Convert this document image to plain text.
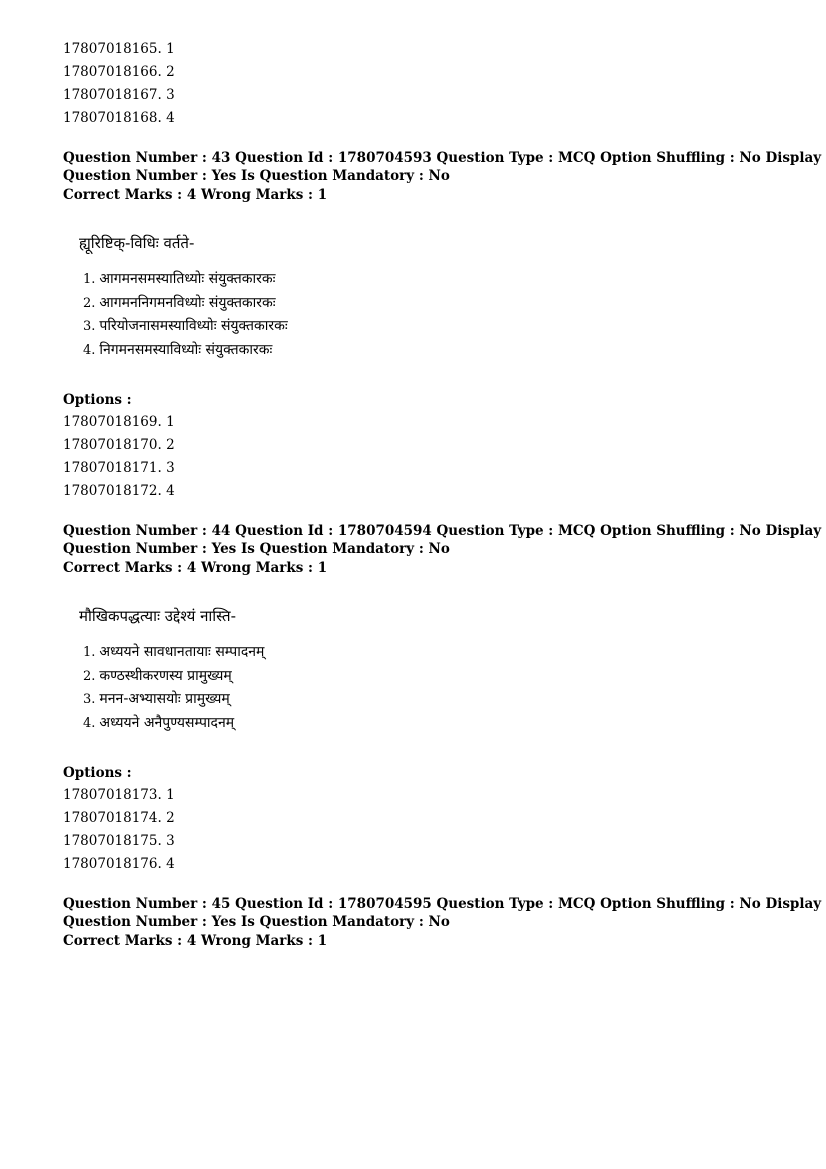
17807018165. 1
17807018166. 2
17807018167. 3
17807018168. 4
Question Number : 43 Question Id : 1780704593 Question Type : MCQ Option Shuffling : No Display
Question Number : Yes Is Question Mandatory : No
Correct Marks : 4 Wrong Marks : 1
ह्यूरिष्टिक्-विधिः वर्तते-
1. आगमनसमस्यातिध्योः संयुक्तकारकः
2. आगमननिगमनविध्योः संयुक्तकारकः
3. परियोजनासमस्याविध्योः संयुक्तकारकः
4. निगमनसमस्याविध्योः संयुक्तकारकः
Options :
17807018169. 1
17807018170. 2
17807018171. 3
17807018172. 4
Question Number : 44 Question Id : 1780704594 Question Type : MCQ Option Shuffling : No Display
Question Number : Yes Is Question Mandatory : No
Correct Marks : 4 Wrong Marks : 1
मौखिकपद्धत्याः उद्देश्यं नास्ति-
1. अध्ययने सावधानतायाः सम्पादनम्
2. कण्ठस्थीकरणस्य प्रामुख्यम्
3. मनन-अभ्यासयोः प्रामुख्यम्
4. अध्ययने अनैपुण्यसम्पादनम्
Options :
17807018173. 1
17807018174. 2
17807018175. 3
17807018176. 4
Question Number : 45 Question Id : 1780704595 Question Type : MCQ Option Shuffling : No Display
Question Number : Yes Is Question Mandatory : No
Correct Marks : 4 Wrong Marks : 1
